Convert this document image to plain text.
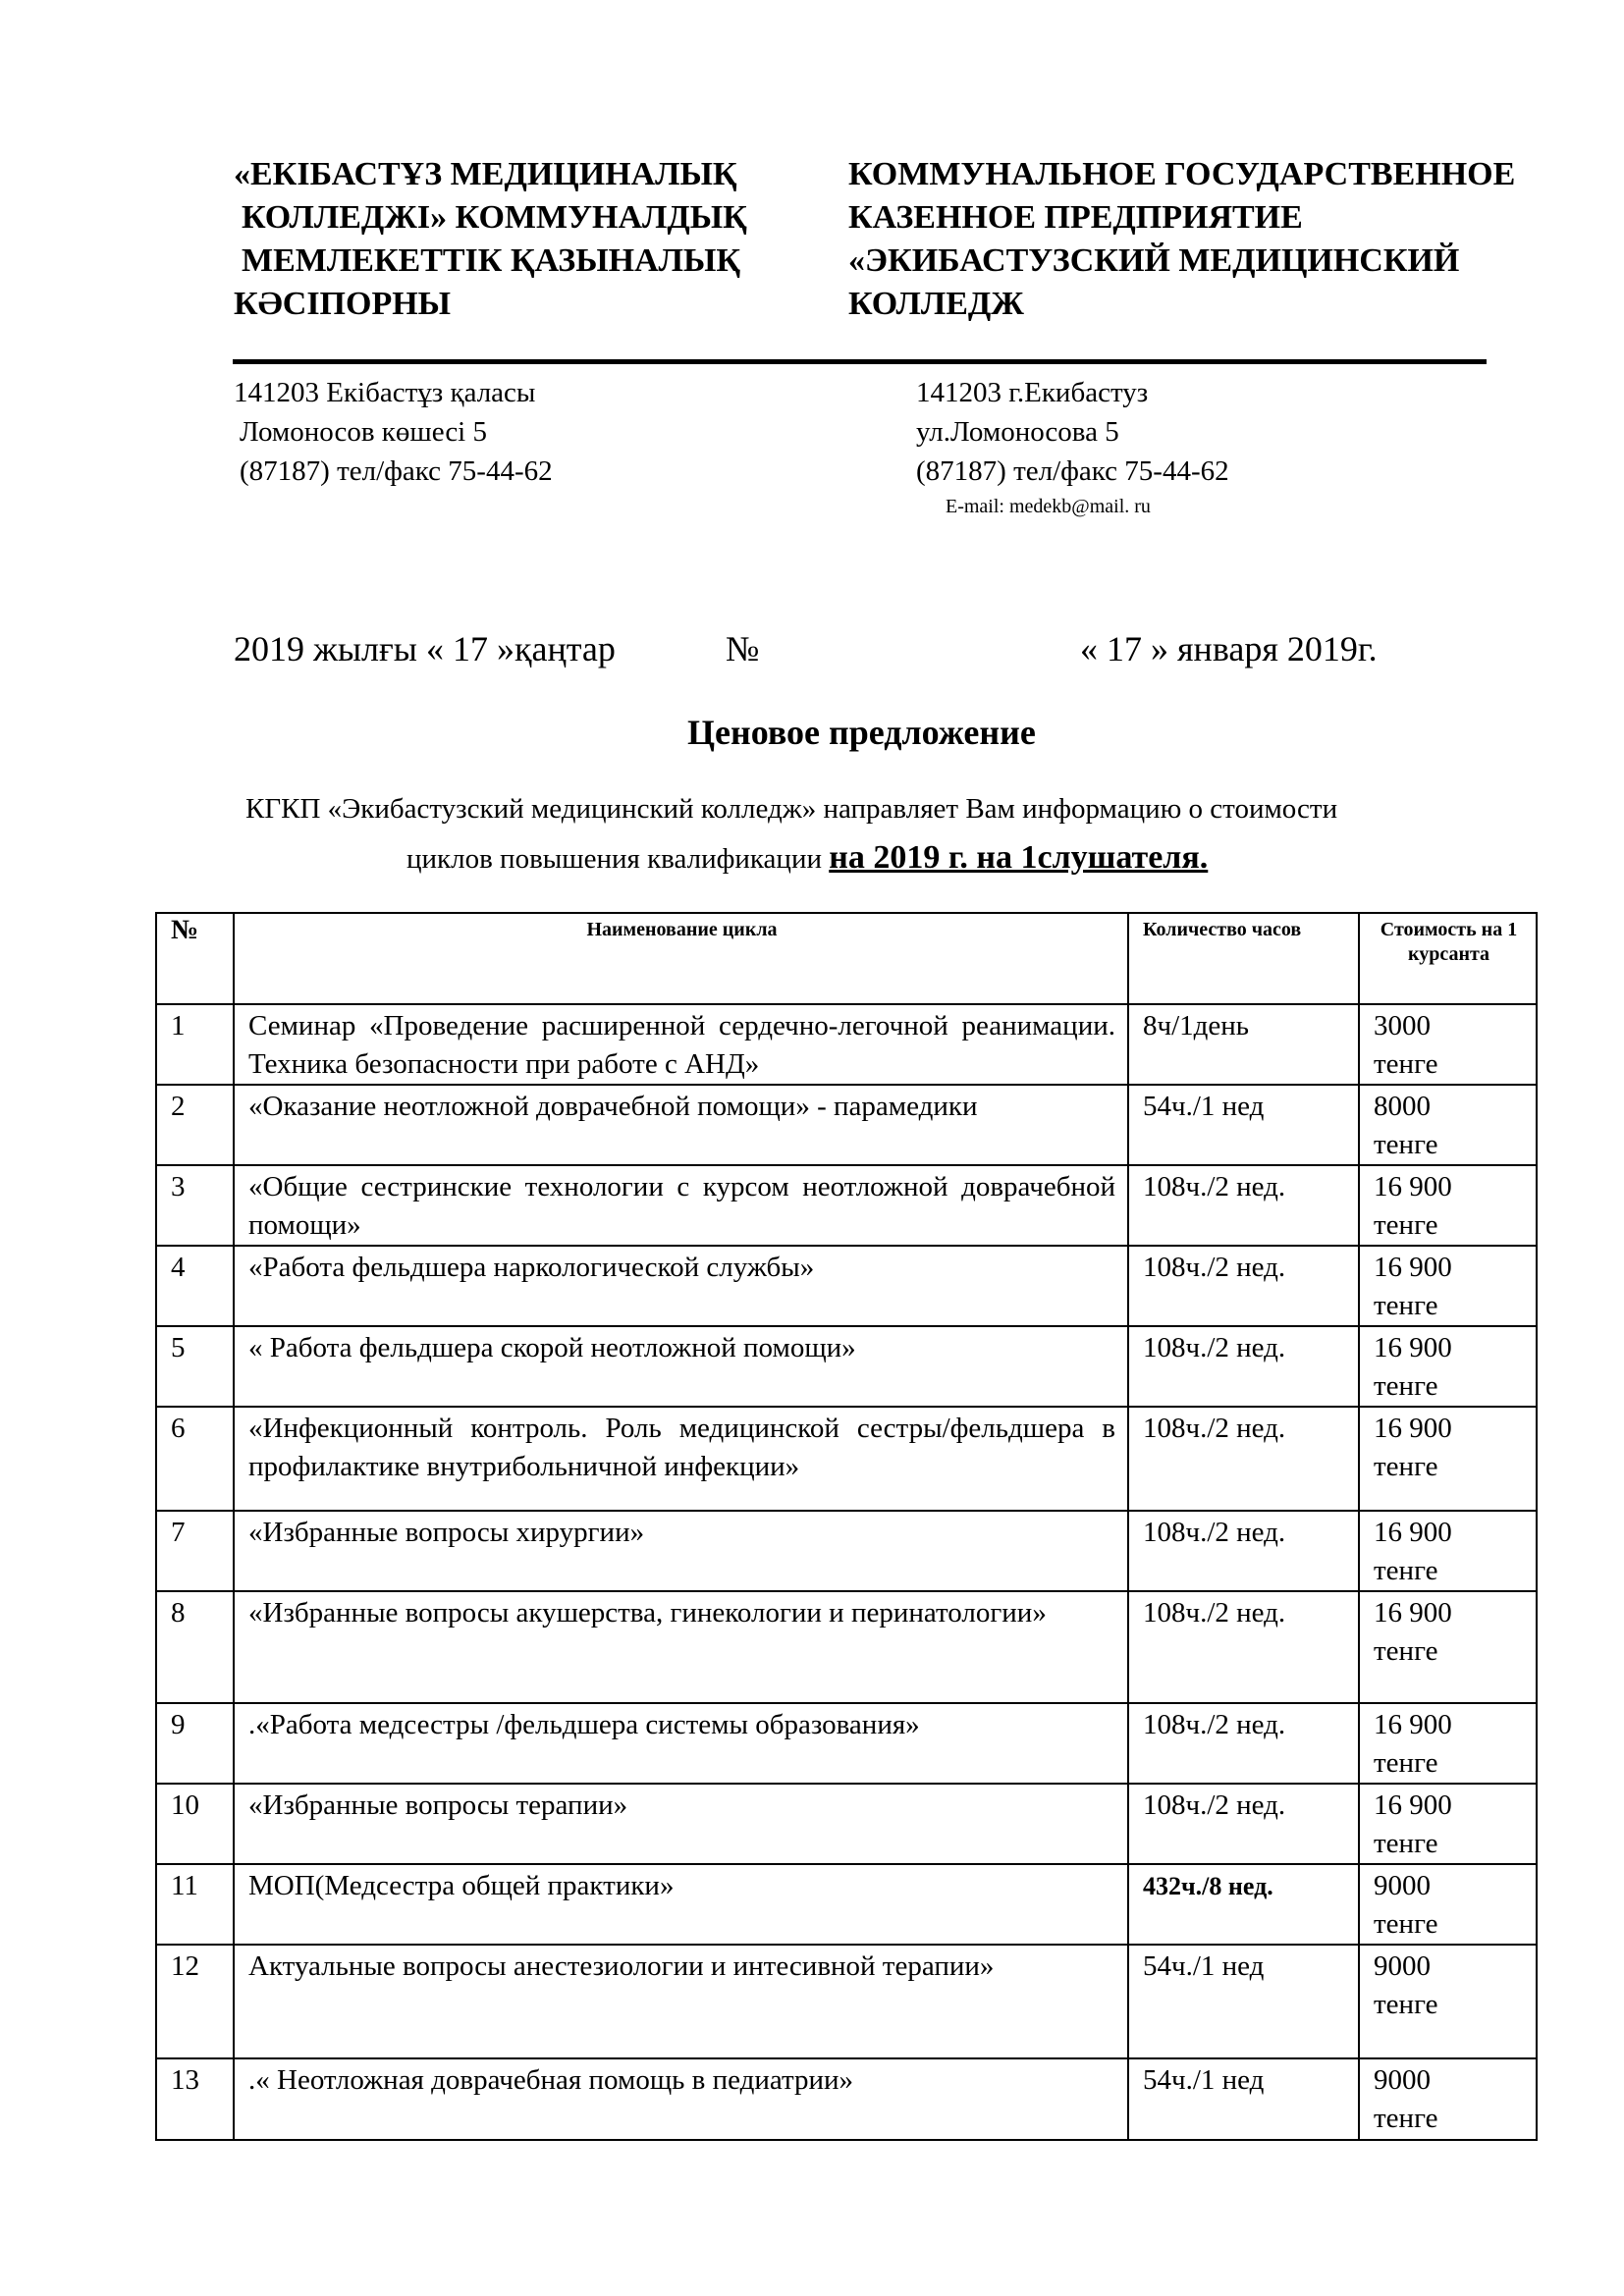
«ЕКІБАСТҰЗ МЕДИЦИНАЛЫҚ
КОЛЛЕДЖІ» КОММУНАЛДЫҚ
МЕМЛЕКЕТТІК ҚАЗЫНАЛЫҚ
КӘСІПОРНЫ
КОММУНАЛЬНОЕ ГОСУДАРСТВЕННОЕ
КАЗЕННОЕ ПРЕДПРИЯТИЕ
«ЭКИБАСТУЗСКИЙ МЕДИЦИНСКИЙ
КОЛЛЕДЖ
141203 Екібастұз қаласы
Ломоносов көшесі 5
(87187) тел/факс 75-44-62
141203 г.Екибастуз
ул.Ломоносова 5
(87187) тел/факс 75-44-62
E-mail: medekb@mail. ru
2019 жылғы « 17 »қаңтар	№	« 17 » января 2019г.
Ценовое предложение
КГКП «Экибастузский медицинский колледж» направляет Вам информацию о стоимости
циклов повышения квалификации на 2019 г. на 1слушателя.
№	Наименование цикла	Количество часов	Стоимость на 1 курсанта
1	Семинар «Проведение расширенной сердечно-легочной реанимации. Техника безопасности при работе с АНД»	8ч/1день	3000
тенге

2	«Оказание неотложной доврачебной помощи» - парамедики	54ч./1 нед	8000
тенге

3	«Общие сестринские технологии с курсом неотложной доврачебной помощи»	108ч./2 нед.	16 900
тенге

4	«Работа фельдшера наркологической службы»	108ч./2 нед.	16 900
тенге

5	« Работа фельдшера скорой неотложной помощи»	108ч./2 нед.	16 900
тенге

6	«Инфекционный контроль. Роль медицинской сестры/фельдшера в профилактике внутрибольничной инфекции»	108ч./2 нед.	16 900
тенге

7	«Избранные вопросы хирургии»	108ч./2 нед.	16 900
тенге

8	«Избранные вопросы акушерства, гинекологии и перинатологии»	108ч./2 нед.	16 900
тенге

9	.«Работа медсестры /фельдшера системы образования»	108ч./2 нед.	16 900
тенге

10	«Избранные вопросы терапии»	108ч./2 нед.	16 900
тенге

11	МОП(Медсестра общей практики»	432ч./8 нед.	9000
тенге

12	Актуальные вопросы анестезиологии и интесивной терапии»	54ч./1 нед	9000
тенге

13	.« Неотложная доврачебная помощь в педиатрии»	54ч./1 нед	9000
тенге
